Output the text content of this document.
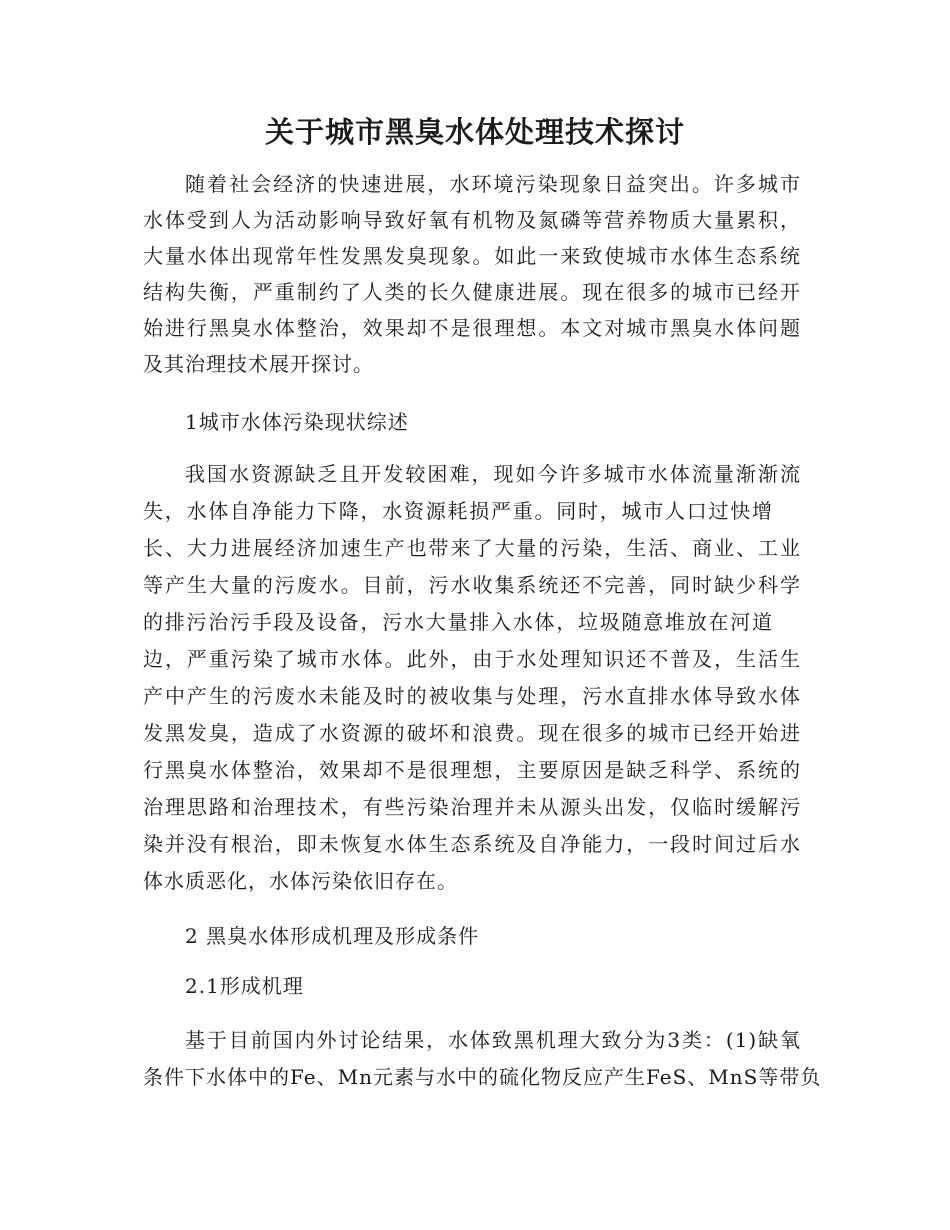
关于城市黑臭水体处理技术探讨
随着社会经济的快速进展，水环境污染现象日益突出。许多城市
水体受到人为活动影响导致好氧有机物及氮磷等营养物质大量累积，
大量水体出现常年性发黑发臭现象。如此一来致使城市水体生态系统
结构失衡，严重制约了人类的长久健康进展。现在很多的城市已经开
始进行黑臭水体整治，效果却不是很理想。本文对城市黑臭水体问题
及其治理技术展开探讨。
1城市水体污染现状综述
我国水资源缺乏且开发较困难，现如今许多城市水体流量渐渐流
失，水体自净能力下降，水资源耗损严重。同时，城市人口过快增
长、大力进展经济加速生产也带来了大量的污染，生活、商业、工业
等产生大量的污废水。目前，污水收集系统还不完善，同时缺少科学
的排污治污手段及设备，污水大量排入水体，垃圾随意堆放在河道
边，严重污染了城市水体。此外，由于水处理知识还不普及，生活生
产中产生的污废水未能及时的被收集与处理，污水直排水体导致水体
发黑发臭，造成了水资源的破坏和浪费。现在很多的城市已经开始进
行黑臭水体整治，效果却不是很理想，主要原因是缺乏科学、系统的
治理思路和治理技术，有些污染治理并未从源头出发，仅临时缓解污
染并没有根治，即未恢复水体生态系统及自净能力，一段时间过后水
体水质恶化，水体污染依旧存在。
2 黑臭水体形成机理及形成条件
2.1形成机理
基于目前国内外讨论结果，水体致黑机理大致分为3类：(1)缺氧
条件下水体中的Fe、Mn元素与水中的硫化物反应产生FeS、MnS等带负
